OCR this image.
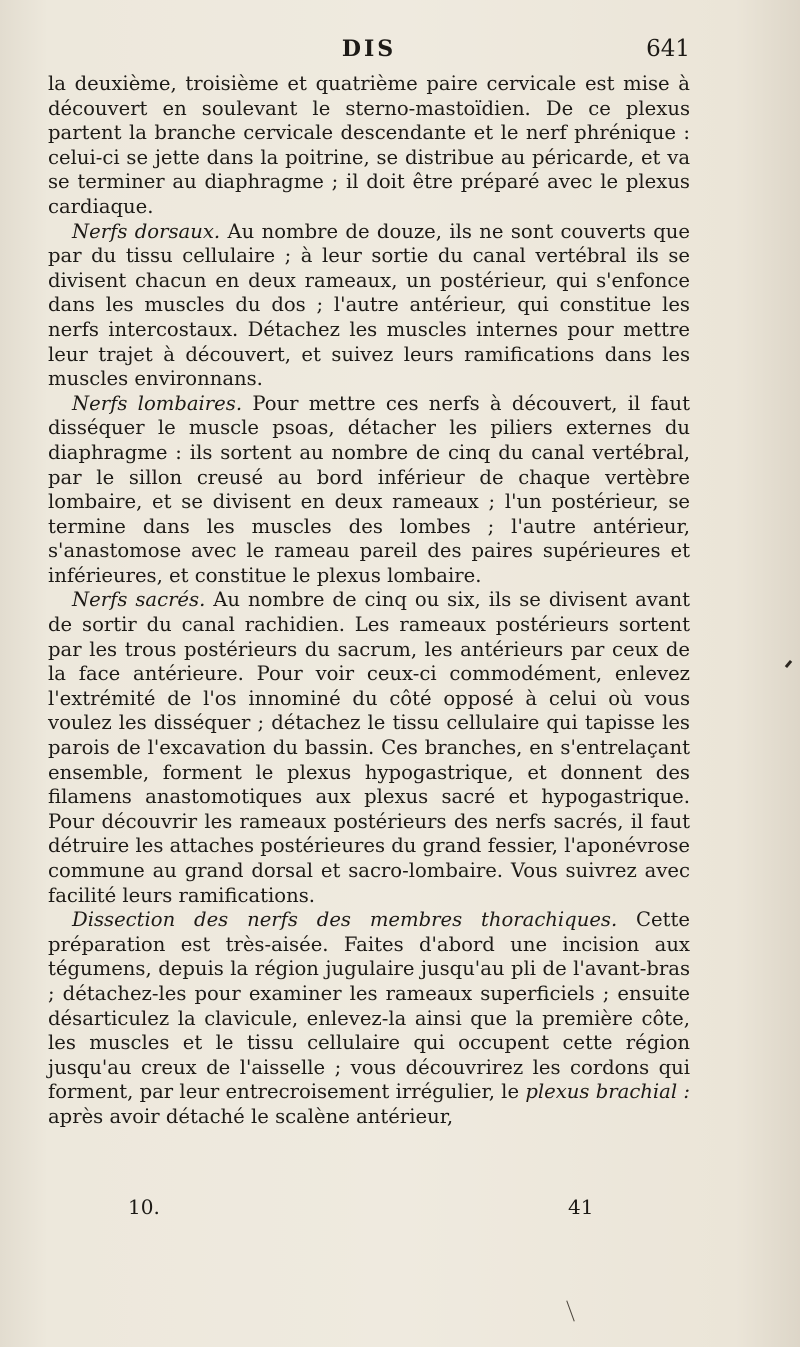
DIS	641

la deuxième, troisième et quatrième paire cervicale est mise à découvert en soulevant le sterno-mastoïdien. De ce plexus partent la branche cervicale descendante et le nerf phrénique : celui-ci se jette dans la poitrine, se distribue au péricarde, et va se terminer au diaphragme ; il doit être préparé avec le plexus cardiaque.

Nerfs dorsaux. Au nombre de douze, ils ne sont couverts que par du tissu cellulaire ; à leur sortie du canal vertébral ils se divisent chacun en deux rameaux, un postérieur, qui s'enfonce dans les muscles du dos ; l'autre antérieur, qui constitue les nerfs intercostaux. Détachez les muscles internes pour mettre leur trajet à découvert, et suivez leurs ramifications dans les muscles environnans.

Nerfs lombaires. Pour mettre ces nerfs à découvert, il faut disséquer le muscle psoas, détacher les piliers externes du diaphragme : ils sortent au nombre de cinq du canal vertébral, par le sillon creusé au bord inférieur de chaque vertèbre lombaire, et se divisent en deux rameaux ; l'un postérieur, se termine dans les muscles des lombes ; l'autre antérieur, s'anastomose avec le rameau pareil des paires supérieures et inférieures, et constitue le plexus lombaire.

Nerfs sacrés. Au nombre de cinq ou six, ils se divisent avant de sortir du canal rachidien. Les rameaux postérieurs sortent par les trous postérieurs du sacrum, les antérieurs par ceux de la face antérieure. Pour voir ceux-ci commodément, enlevez l'extrémité de l'os innominé du côté opposé à celui où vous voulez les disséquer ; détachez le tissu cellulaire qui tapisse les parois de l'excavation du bassin. Ces branches, en s'entrelaçant ensemble, forment le plexus hypogastrique, et donnent des filamens anastomotiques aux plexus sacré et hypogastrique. Pour découvrir les rameaux postérieurs des nerfs sacrés, il faut détruire les attaches postérieures du grand fessier, l'aponévrose commune au grand dorsal et sacro-lombaire. Vous suivrez avec facilité leurs ramifications.

Dissection des nerfs des membres thorachiques. Cette préparation est très-aisée. Faites d'abord une incision aux tégumens, depuis la région jugulaire jusqu'au pli de l'avant-bras ; détachez-les pour examiner les rameaux superficiels ; ensuite désarticulez la clavicule, enlevez-la ainsi que la première côte, les muscles et le tissu cellulaire qui occupent cette région jusqu'au creux de l'aisselle ; vous découvrirez les cordons qui forment, par leur entrecroisement irrégulier, le plexus brachial : après avoir détaché le scalène antérieur,

10.	41
